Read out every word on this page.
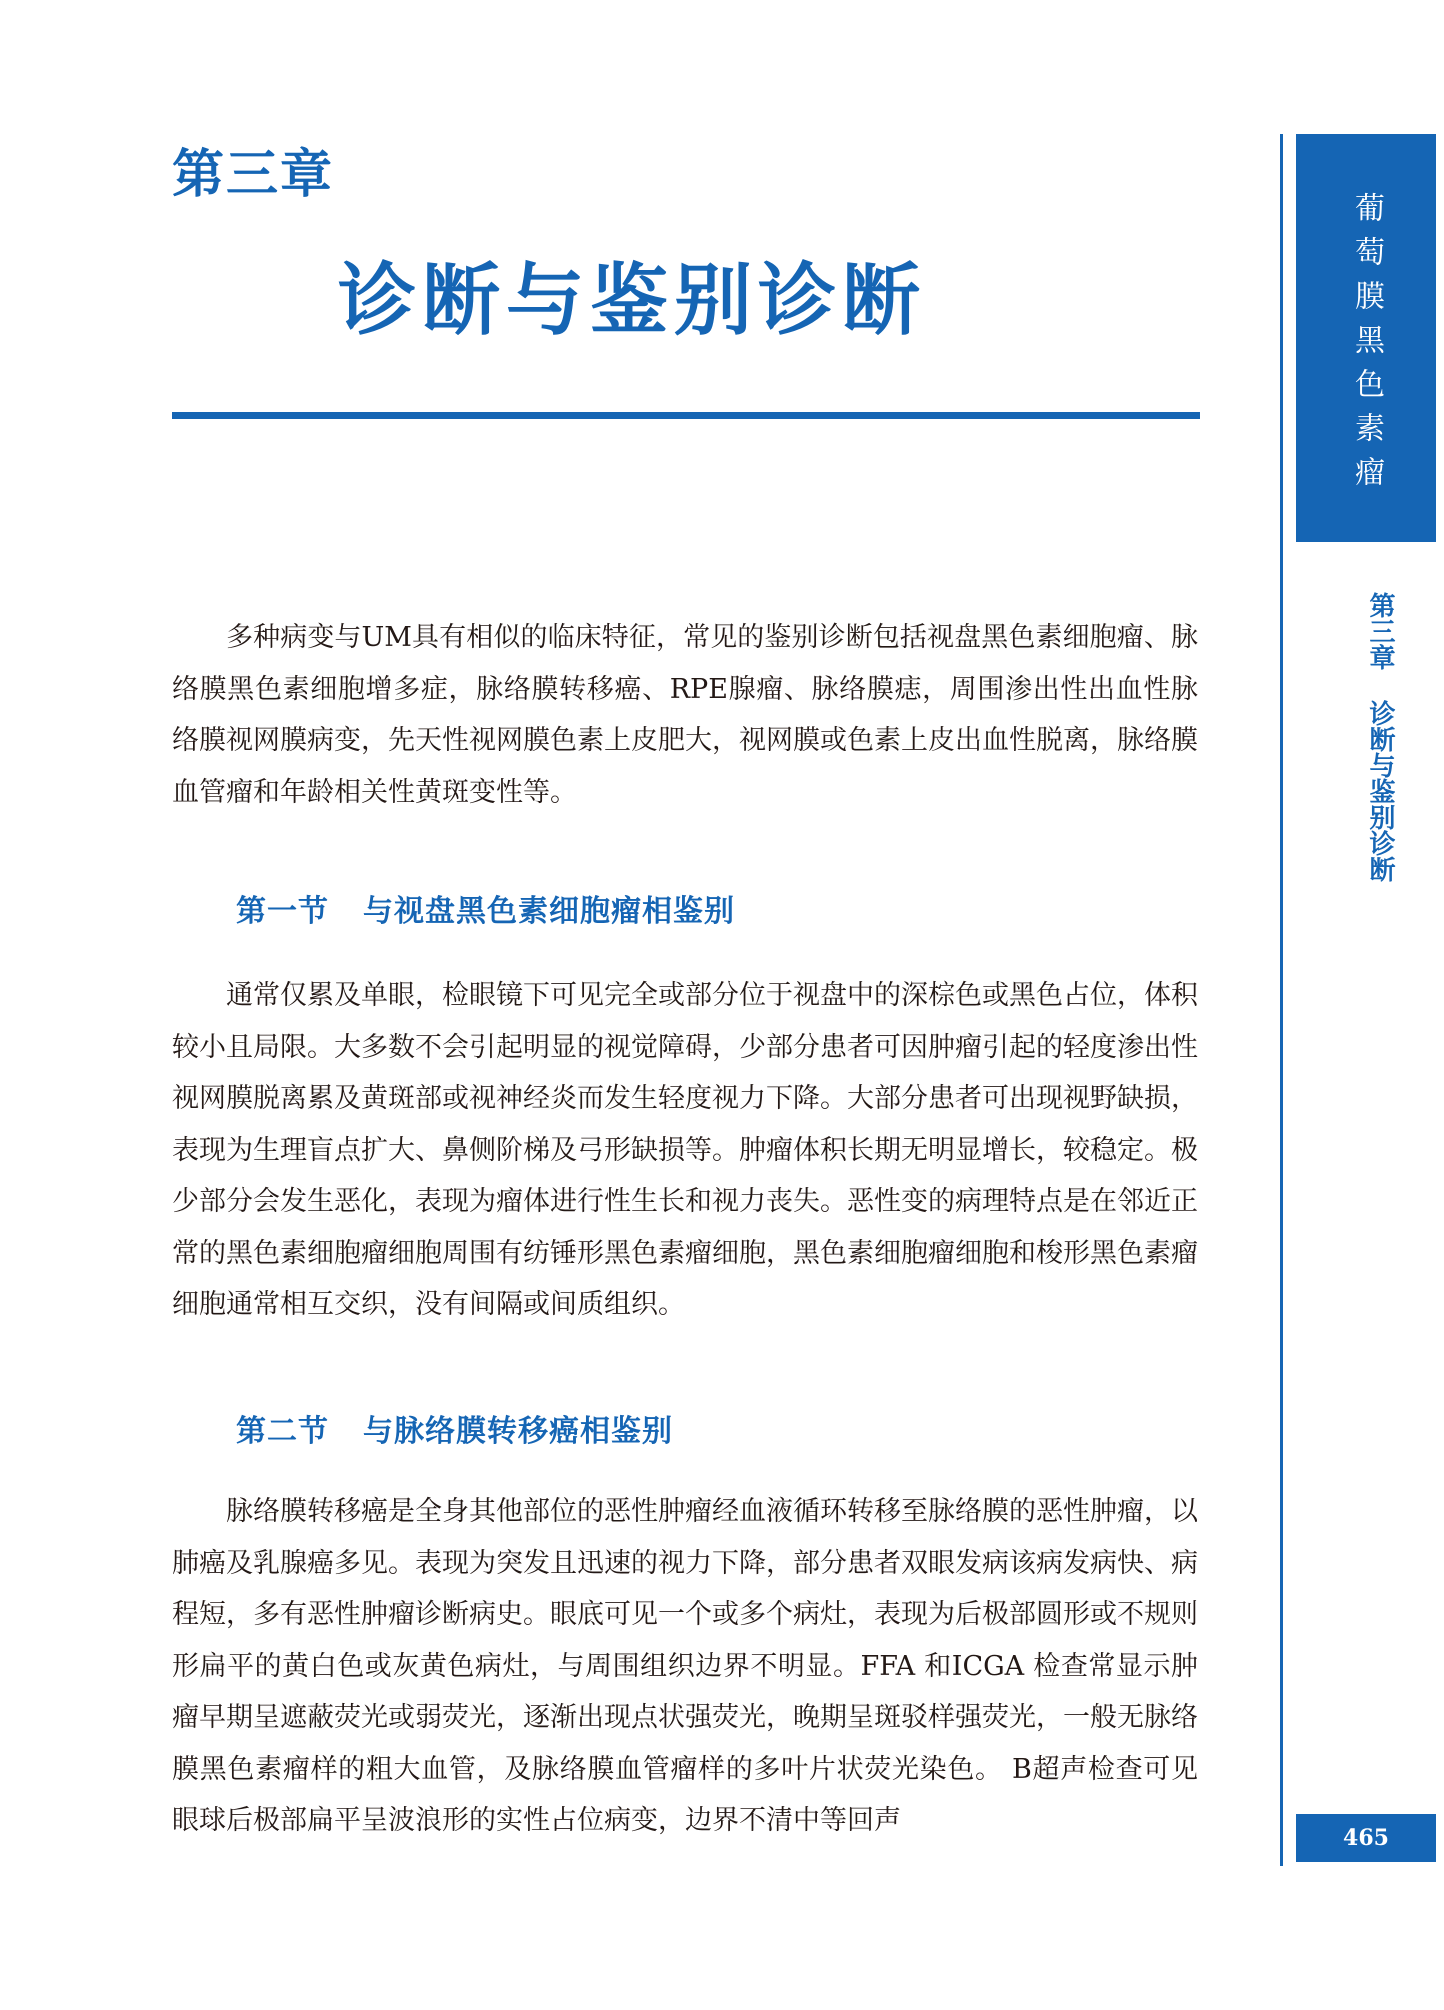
第三章
诊断与鉴别诊断	葡萄膜黑色素瘤
第三章 诊断与鉴别诊断
465

多种病变与UM具有相似的临床特征，常见的鉴别诊断包括视盘黑色素细胞瘤、脉络膜黑色素细胞增多症，脉络膜转移癌、RPE腺瘤、脉络膜痣，周围渗出性出血性脉络膜视网膜病变，先天性视网膜色素上皮肥大，视网膜或色素上皮出血性脱离，脉络膜血管瘤和年龄相关性黄斑变性等。

第一节 与视盘黑色素细胞瘤相鉴别

通常仅累及单眼，检眼镜下可见完全或部分位于视盘中的深棕色或黑色占位，体积较小且局限。大多数不会引起明显的视觉障碍，少部分患者可因肿瘤引起的轻度渗出性视网膜脱离累及黄斑部或视神经炎而发生轻度视力下降。大部分患者可出现视野缺损，表现为生理盲点扩大、鼻侧阶梯及弓形缺损等。肿瘤体积长期无明显增长，较稳定。极少部分会发生恶化，表现为瘤体进行性生长和视力丧失。恶性变的病理特点是在邻近正常的黑色素细胞瘤细胞周围有纺锤形黑色素瘤细胞，黑色素细胞瘤细胞和梭形黑色素瘤细胞通常相互交织，没有间隔或间质组织。

第二节 与脉络膜转移癌相鉴别

脉络膜转移癌是全身其他部位的恶性肿瘤经血液循环转移至脉络膜的恶性肿瘤，以肺癌及乳腺癌多见。表现为突发且迅速的视力下降，部分患者双眼发病该病发病快、病程短，多有恶性肿瘤诊断病史。眼底可见一个或多个病灶，表现为后极部圆形或不规则形扁平的黄白色或灰黄色病灶，与周围组织边界不明显。FFA 和ICGA 检查常显示肿瘤早期呈遮蔽荧光或弱荧光，逐渐出现点状强荧光，晚期呈斑驳样强荧光，一般无脉络膜黑色素瘤样的粗大血管，及脉络膜血管瘤样的多叶片状荧光染色。 B超声检查可见眼球后极部扁平呈波浪形的实性占位病变，边界不清中等回声
